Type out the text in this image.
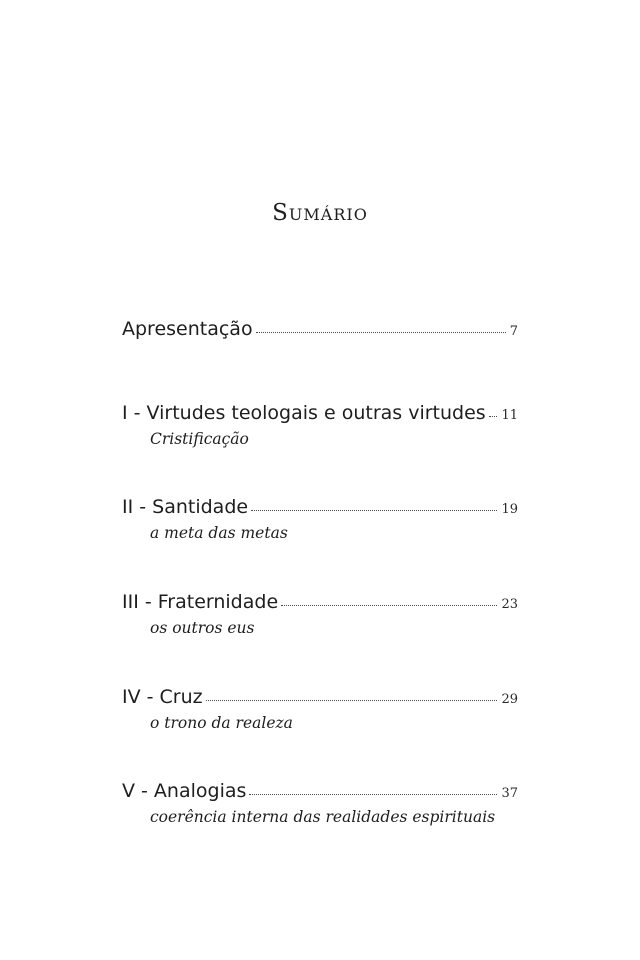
Sumário
Apresentação	7
I - Virtudes teologais e outras virtudes 11
Cristificação
II - Santidade	19
a meta das metas
III - Fraternidade	23
os outros eus
IV - Cruz	29
o trono da realeza
V - Analogias	37
coerência interna das realidades espirituais
